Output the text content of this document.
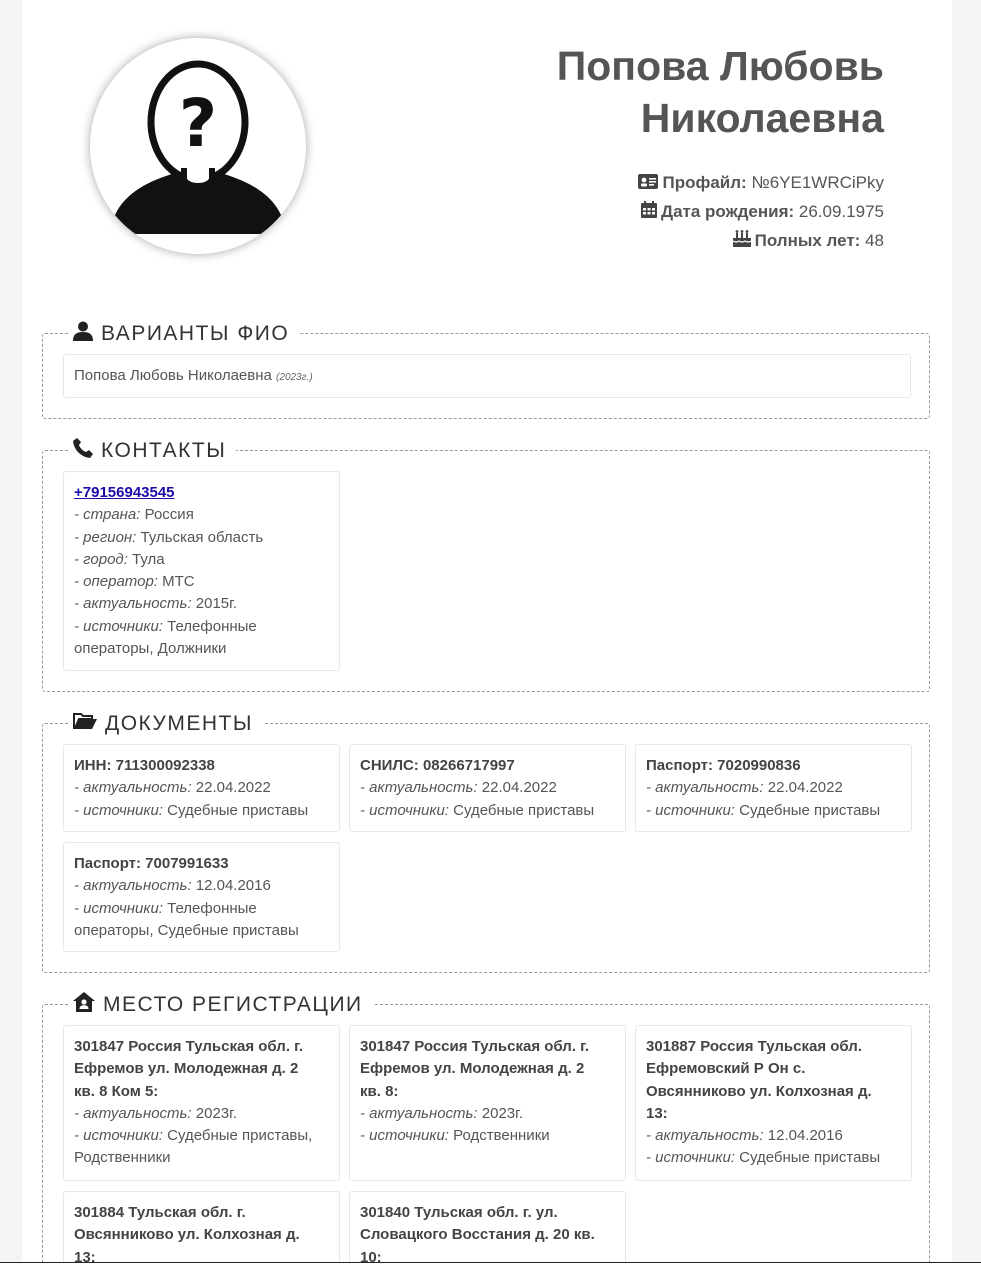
?
Попова Любовь
Николаевна
Профайл: №6YE1WRCiPky
Дата рождения: 26.09.1975
Полных лет: 48
ВАРИАНТЫ ФИО
Попова Любовь Николаевна (2023г.)
КОНТАКТЫ
+79156943545
- страна: Россия
- регион: Тульская область
- город: Тула
- оператор: МТС
- актуальность: 2015г.
- источники: Телефонные
операторы, Должники
ДОКУМЕНТЫ
ИНН: 711300092338
- актуальность: 22.04.2022
- источники: Судебные приставы
СНИЛС: 08266717997
- актуальность: 22.04.2022
- источники: Судебные приставы
Паспорт: 7020990836
- актуальность: 22.04.2022
- источники: Судебные приставы
Паспорт: 7007991633
- актуальность: 12.04.2016
- источники: Телефонные
операторы, Судебные приставы
МЕСТО РЕГИСТРАЦИИ
301847 Россия Тульская обл. г.
Ефремов ул. Молодежная д. 2
кв. 8 Ком 5:
- актуальность: 2023г.
- источники: Судебные приставы,
Родственники
301847 Россия Тульская обл. г.
Ефремов ул. Молодежная д. 2
кв. 8:
- актуальность: 2023г.
- источники: Родственники
301887 Россия Тульская обл.
Ефремовский Р Он с.
Овсянниково ул. Колхозная д.
13:
- актуальность: 12.04.2016
- источники: Судебные приставы
301884 Тульская обл. г.
Овсянниково ул. Колхозная д.
13:
301840 Тульская обл. г. ул.
Словацкого Восстания д. 20 кв.
10:
